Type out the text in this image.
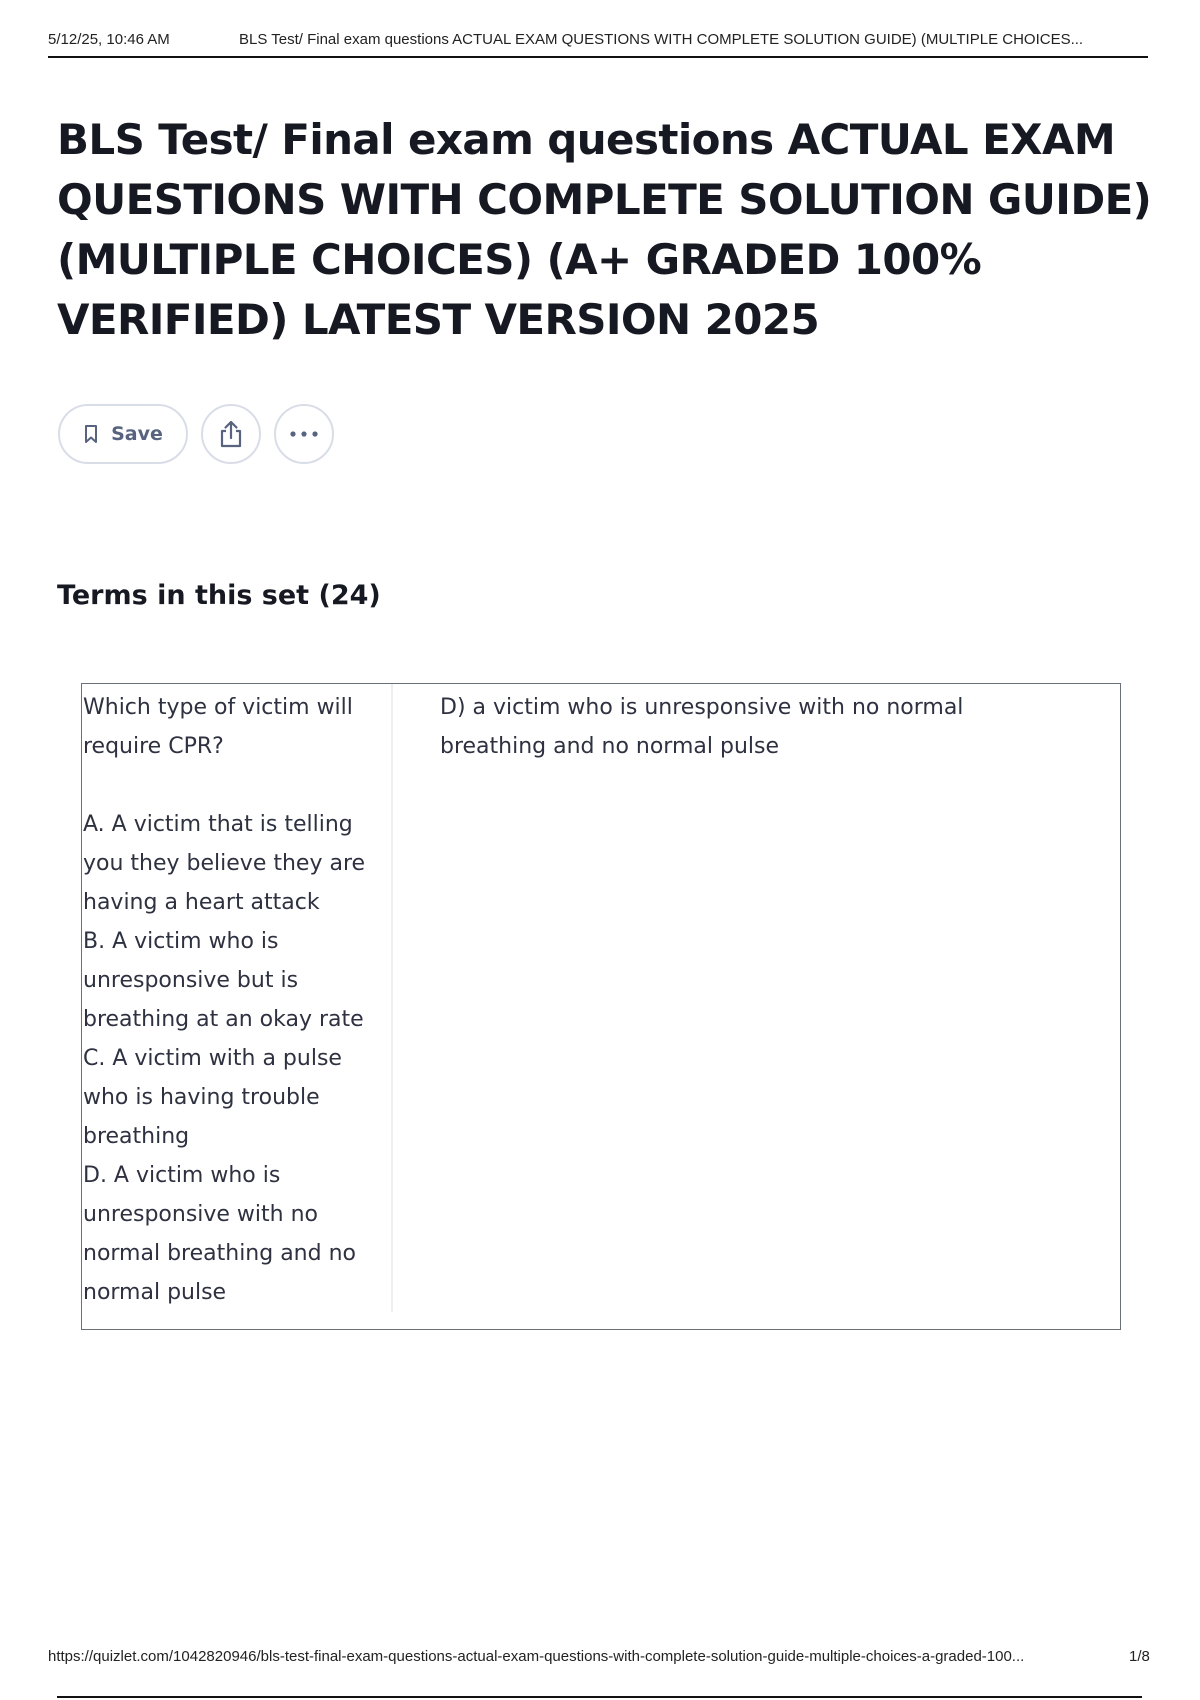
5/12/25, 10:46 AM	BLS Test/ Final exam questions ACTUAL EXAM QUESTIONS WITH COMPLETE SOLUTION GUIDE) (MULTIPLE CHOICES...
BLS Test/ Final exam questions ACTUAL EXAM QUESTIONS WITH COMPLETE SOLUTION GUIDE) (MULTIPLE CHOICES) (A+ GRADED 100% VERIFIED) LATEST VERSION 2025
Save
Terms in this set (24)
Which type of victim will require CPR?

A. A victim that is telling you they believe they are having a heart attack
B. A victim who is unresponsive but is breathing at an okay rate
C. A victim with a pulse who is having trouble breathing
D. A victim who is unresponsive with no normal breathing and no normal pulse
D) a victim who is unresponsive with no normal breathing and no normal pulse
https://quizlet.com/1042820946/bls-test-final-exam-questions-actual-exam-questions-with-complete-solution-guide-multiple-choices-a-graded-100...	1/8
